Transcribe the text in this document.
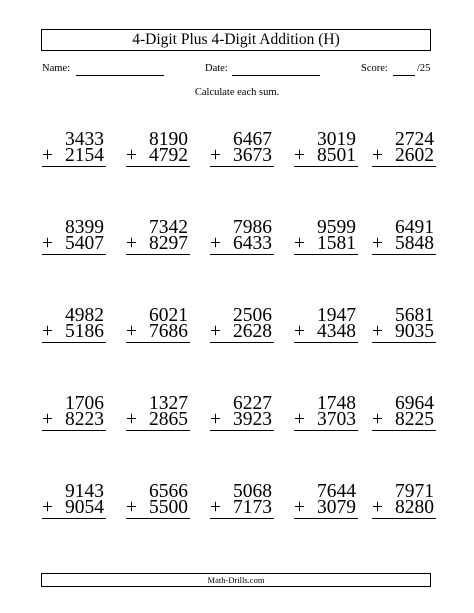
4-Digit Plus 4-Digit Addition (H)
Name:	Date:	Score:	/25
Calculate each sum.
3433
+ 2154
8190
+ 4792
6467
+ 3673
3019
+ 8501
2724
+ 2602
8399
+ 5407
7342
+ 8297
7986
+ 6433
9599
+ 1581
6491
+ 5848
4982
+ 5186
6021
+ 7686
2506
+ 2628
1947
+ 4348
5681
+ 9035
1706
+ 8223
1327
+ 2865
6227
+ 3923
1748
+ 3703
6964
+ 8225
9143
+ 9054
6566
+ 5500
5068
+ 7173
7644
+ 3079
7971
+ 8280
Math-Drills.com
